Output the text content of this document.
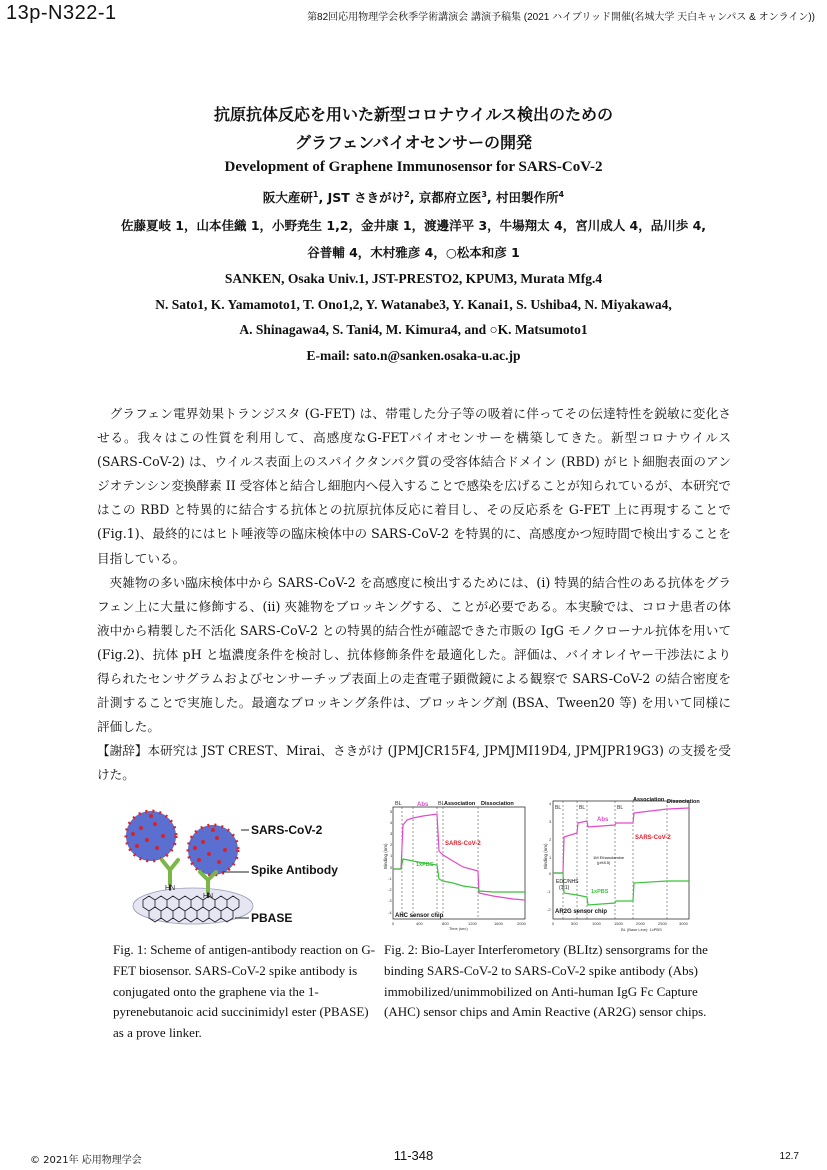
13p-N322-1	第82回応用物理学会秋季学術講演会 講演予稿集 (2021 ハイブリッド開催(名城大学 天白キャンパス & オンライン))
抗原抗体反応を用いた新型コロナウイルス検出のための
グラフェンバイオセンサーの開発
Development of Graphene Immunosensor for SARS-CoV-2
阪大産研$^1$, JST さきがけ$^2$, 京都府立医$^3$, 村田製作所$^4$
佐藤夏岐 1，山本佳織 1，小野尭生 1,2，金井康 1，渡邊洋平 3，牛場翔太 4，宮川成人 4，品川歩 4,
谷普輔 4，木村雅彦 4，○松本和彦 1
SANKEN, Osaka Univ.1, JST-PRESTO2, KPUM3, Murata Mfg.4
N. Sato1, K. Yamamoto1, T. Ono1,2, Y. Watanabe3, Y. Kanai1, S. Ushiba4, N. Miyakawa4,
A. Shinagawa4, S. Tani4, M. Kimura4, and ○K. Matsumoto1
E-mail: sato.n@sanken.osaka-u.ac.jp

グラフェン電界効果トランジスタ (G-FET) は、帯電した分子等の吸着に伴ってその伝達特性を鋭敏に変化させる。我々はこの性質を利用して、高感度なG-FETバイオセンサーを構築してきた。新型コロナウイルス (SARS-CoV-2) は、ウイルス表面上のスパイクタンパク質の受容体結合ドメイン (RBD) がヒト細胞表面のアンジオテンシン変換酵素 II 受容体と結合し細胞内へ侵入することで感染を広げることが知られているが、本研究ではこの RBD と特異的に結合する抗体との抗原抗体反応に着目し、その反応系を G-FET 上に再現することで (Fig.1)、最終的にはヒト唾液等の臨床検体中の SARS-CoV-2 を特異的に、高感度かつ短時間で検出することを目指している。

夾雑物の多い臨床検体中から SARS-CoV-2 を高感度に検出するためには、(i) 特異的結合性のある抗体をグラフェン上に大量に修飾する、(ii) 夾雑物をブロッキングする、ことが必要である。本実験では、コロナ患者の体液中から精製した不活化 SARS-CoV-2 との特異的結合性が確認できた市販の IgG モノクローナル抗体を用いて (Fig.2)、抗体 pH と塩濃度条件を検討し、抗体修飾条件を最適化した。評価は、バイオレイヤー干渉法により得られたセンサグラムおよびセンサーチップ表面上の走査電子顕微鏡による観察で SARS-CoV-2 の結合密度を計測することで実施した。最適なブロッキング条件は、ブロッキング剤 (BSA、Tween20 等) を用いて同様に評価した。

【謝辞】本研究は JST CREST、Mirai、さきがけ (JPMJCR15F4, JPMJMI19D4, JPMJPR19G3) の支援を受けた。

HN
HN
SARS-CoV-2
Spike Antibody
PBASE
BL	BL
Abs	Association Dissociation
SARS-CoV-2
1xPBS
AHC sensor chip
Binding (nm)
5
4
3
2
1
0
-1
-2
-3
-4
0	400	800	1200	1600	2000
Time (sec)
BL	BL	BL
Abs
Association Dissociation
SARS-CoV-2
EDC/NHS
(1:1)
1M Ethanolamine
(pH8.5)
1xPBS
AR2G sensor chip
Binding (nm)
4
3
2
1
0
-1
-2
0	500	1000	1500	2000	2500	3000
BL (Base Line): 1xPBS
Fig. 1: Scheme of antigen-antibody reaction on G-FET biosensor. SARS-CoV-2 spike antibody is conjugated onto the graphene via the 1-pyrenebutanoic acid succinimidyl ester (PBASE) as a prove linker.
Fig. 2: Bio-Layer Interferometory (BLItz) sensorgrams for the binding SARS-CoV-2 to SARS-CoV-2 spike antibody (Abs) immobilized/unimmobilized on Anti-human IgG Fc Capture (AHC) sensor chips and Amin Reactive (AR2G) sensor chips.
© 2021年 応用物理学会	11-348	12.7
